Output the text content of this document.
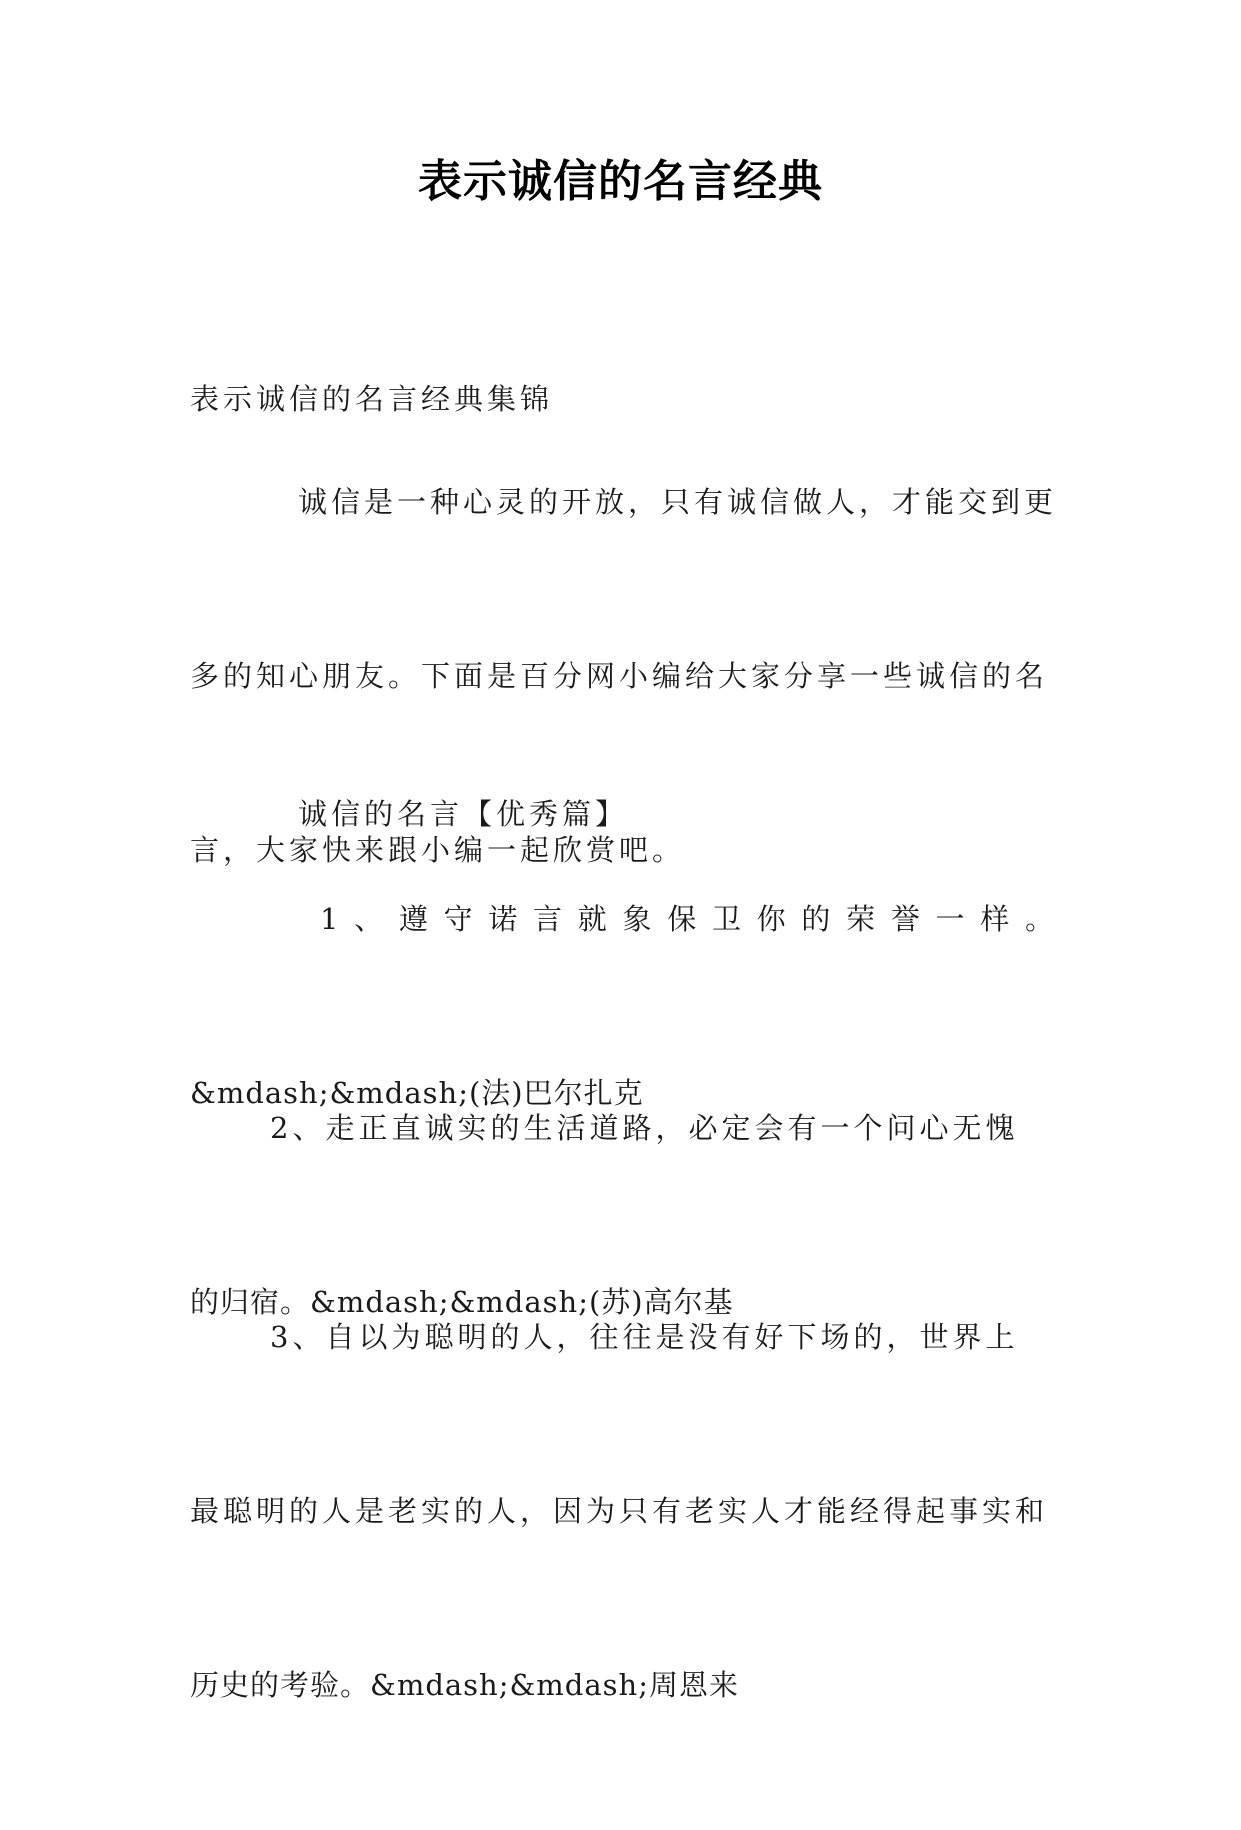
表示诚信的名言经典

表示诚信的名言经典集锦

诚信是一种心灵的开放，只有诚信做人，才能交到更

多的知心朋友。下面是百分网小编给大家分享一些诚信的名

言，大家快来跟小编一起欣赏吧。

诚信的名言【优秀篇】

1、遵守诺言就象保卫你的荣誉一样。

&mdash;&mdash;(法)巴尔扎克

2、走正直诚实的生活道路，必定会有一个问心无愧

的归宿。&mdash;&mdash;(苏)高尔基

3、自以为聪明的人，往往是没有好下场的，世界上

最聪明的人是老实的人，因为只有老实人才能经得起事实和

历史的考验。&mdash;&mdash;周恩来
